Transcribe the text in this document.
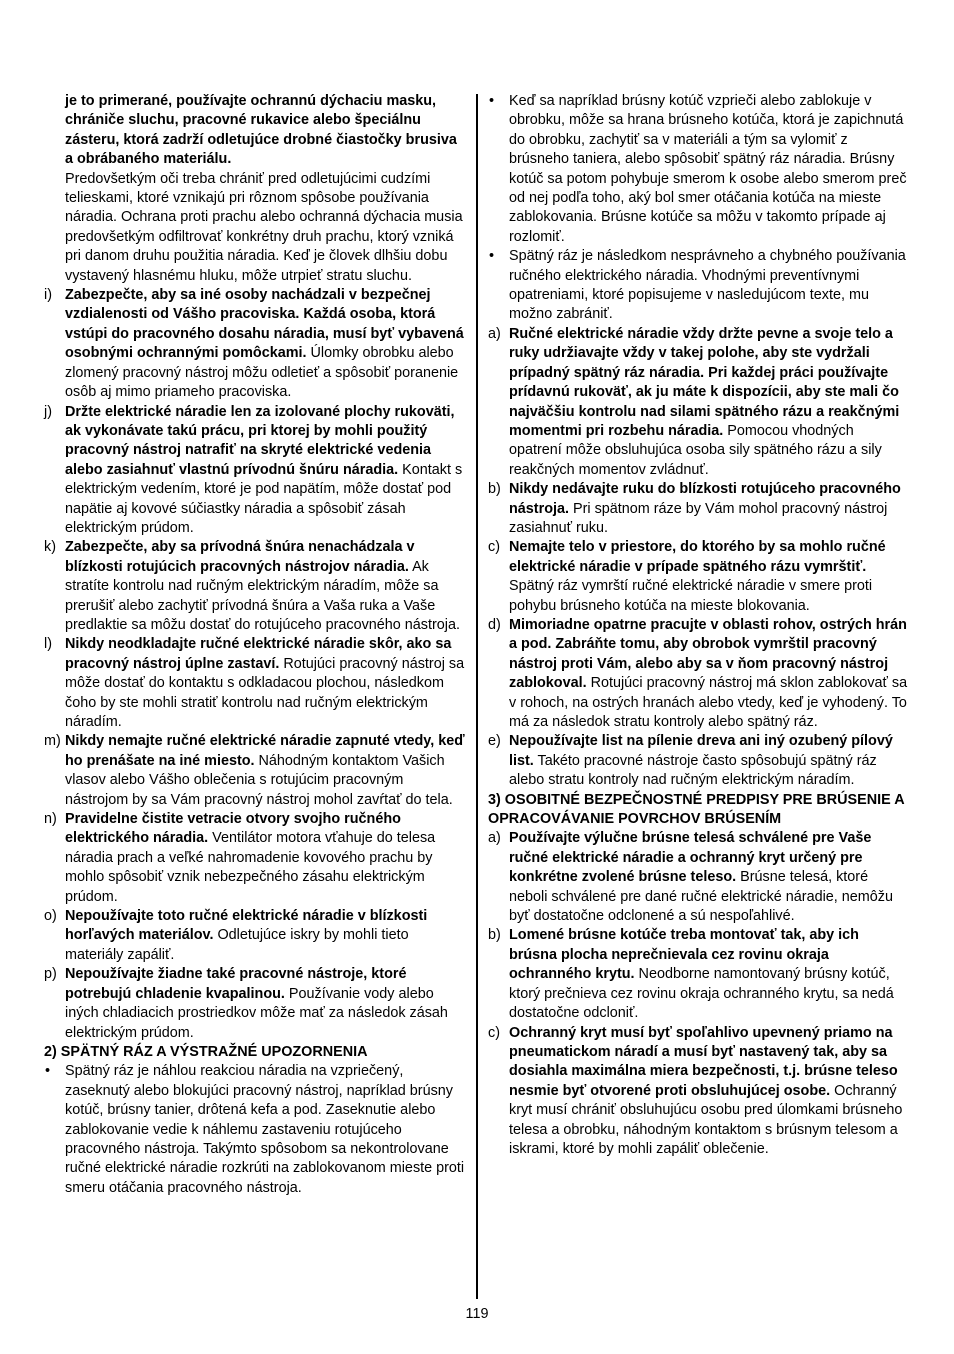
je to primerané, používajte ochrannú dýchaciu masku, chrániče sluchu, pracovné rukavice alebo špeciálnu zásteru, ktorá zadrží odletujúce drobné čiastočky brusiva a obrábaného materiálu.
Predovšetkým oči treba chrániť pred odletujúcimi cudzími telieskami, ktoré vznikajú pri rôznom spôsobe používania náradia. Ochrana proti prachu alebo ochranná dýchacia musia predovšetkým odfiltrovať konkrétny druh prachu, ktorý vzniká pri danom druhu použitia náradia. Keď je človek dlhšiu dobu vystavený hlasnému hluku, môže utrpieť stratu sluchu.

i) Zabezpečte, aby sa iné osoby nachádzali v bezpečnej vzdialenosti od Vášho pracoviska. Každá osoba, ktorá vstúpi do pracovného dosahu náradia, musí byť vybavená osobnými ochrannými pomôckami. Úlomky obrobku alebo zlomený pracovný nástroj môžu odletieť a spôsobiť poranenie osôb aj mimo priameho pracoviska.
j) Držte elektrické náradie len za izolované plochy rukoväti, ak vykonávate takú prácu, pri ktorej by mohli použitý pracovný nástroj natrafiť na skryté elektrické vedenia alebo zasiahnuť vlastnú prívodnú šnúru náradia. Kontakt s elektrickým vedením, ktoré je pod napätím, môže dostať pod napätie aj kovové súčiastky náradia a spôsobiť zásah elektrickým prúdom.
k) Zabezpečte, aby sa prívodná šnúra nenachádzala v blízkosti rotujúcich pracovných nástrojov náradia. Ak stratíte kontrolu nad ručným elektrickým náradím, môže sa prerušiť alebo zachytiť prívodná šnúra a Vaša ruka a Vaše predlaktie sa môžu dostať do rotujúceho pracovného nástroja.
l) Nikdy neodkladajte ručné elektrické náradie skôr, ako sa pracovný nástroj úplne zastaví. Rotujúci pracovný nástroj sa môže dostať do kontaktu s odkladacou plochou, následkom čoho by ste mohli stratiť kontrolu nad ručným elektrickým náradím.
m) Nikdy nemajte ručné elektrické náradie zapnuté vtedy, keď ho prenášate na iné miesto. Náhodným kontaktom Vašich vlasov alebo Vášho oblečenia s rotujúcim pracovným nástrojom by sa Vám pracovný nástroj mohol zavŕtať do tela.
n) Pravidelne čistite vetracie otvory svojho ručného elektrického náradia. Ventilátor motora vťahuje do telesa náradia prach a veľké nahromadenie kovového prachu by mohlo spôsobiť vznik nebezpečného zásahu elektrickým prúdom.
o) Nepoužívajte toto ručné elektrické náradie v blízkosti horľavých materiálov. Odletujúce iskry by mohli tieto materiály zapáliť.
p) Nepoužívajte žiadne také pracovné nástroje, ktoré potrebujú chladenie kvapalinou. Používanie vody alebo iných chladiacich prostriedkov môže mať za následok zásah elektrickým prúdom.

2) SPÄTNÝ RÁZ A VÝSTRAŽNÉ UPOZORNENIA

• Spätný ráz je náhlou reakciou náradia na vzpriečený, zaseknutý alebo blokujúci pracovný nástroj, napríklad brúsny kotúč, brúsny tanier, drôtená kefa a pod. Zaseknutie alebo zablokovanie vedie k náhlemu zastaveniu rotujúceho pracovného nástroja. Takýmto spôsobom sa nekontrolovane ručné elektrické náradie rozkrúti na zablokovanom mieste proti smeru otáčania pracovného nástroja.
• Keď sa napríklad brúsny kotúč vzprieči alebo zablokuje v obrobku, môže sa hrana brúsneho kotúča, ktorá je zapichnutá do obrobku, zachytiť sa v materiáli a tým sa vylomiť z brúsneho taniera, alebo spôsobiť spätný ráz náradia. Brúsny kotúč sa potom pohybuje smerom k osobe alebo smerom preč od nej podľa toho, aký bol smer otáčania kotúča na mieste zablokovania. Brúsne kotúče sa môžu v takomto prípade aj rozlomiť.
• Spätný ráz je následkom nesprávneho a chybného používania ručného elektrického náradia. Vhodnými preventívnymi opatreniami, ktoré popisujeme v nasledujúcom texte, mu možno zabrániť.
a) Ručné elektrické náradie vždy držte pevne a svoje telo a ruky udržiavajte vždy v takej polohe, aby ste vydržali prípadný spätný ráz náradia. Pri každej práci používajte prídavnú rukoväť, ak ju máte k dispozícii, aby ste mali čo najväčšiu kontrolu nad silami spätného rázu a reakčnými momentmi pri rozbehu náradia. Pomocou vhodných opatrení môže obsluhujúca osoba sily spätného rázu a sily reakčných momentov zvládnuť.
b) Nikdy nedávajte ruku do blízkosti rotujúceho pracovného nástroja. Pri spätnom ráze by Vám mohol pracovný nástroj zasiahnuť ruku.
c) Nemajte telo v priestore, do ktorého by sa mohlo ručné elektrické náradie v prípade spätného rázu vymrštiť. Spätný ráz vymrští ručné elektrické náradie v smere proti pohybu brúsneho kotúča na mieste blokovania.
d) Mimoriadne opatrne pracujte v oblasti rohov, ostrých hrán a pod. Zabráňte tomu, aby obrobok vymrštil pracovný nástroj proti Vám, alebo aby sa v ňom pracovný nástroj zablokoval. Rotujúci pracovný nástroj má sklon zablokovať sa v rohoch, na ostrých hranách alebo vtedy, keď je vyhodený. To má za následok stratu kontroly alebo spätný ráz.
e) Nepoužívajte list na pílenie dreva ani iný ozubený pílový list. Takéto pracovné nástroje často spôsobujú spätný ráz alebo stratu kontroly nad ručným elektrickým náradím.

3) OSOBITNÉ BEZPEČNOSTNÉ PREDPISY PRE BRÚSENIE A OPRACOVÁVANIE POVRCHOV BRÚSENÍM

a) Používajte výlučne brúsne telesá schválené pre Vaše ručné elektrické náradie a ochranný kryt určený pre konkrétne zvolené brúsne teleso. Brúsne telesá, ktoré neboli schválené pre dané ručné elektrické náradie, nemôžu byť dostatočne odclonené a sú nespoľahlivé.
b) Lomené brúsne kotúče treba montovať tak, aby ich brúsna plocha neprečnievala cez rovinu okraja ochranného krytu. Neodborne namontovaný brúsny kotúč, ktorý prečnieva cez rovinu okraja ochranného krytu, sa nedá dostatočne odcloniť.
c) Ochranný kryt musí byť spoľahlivo upevnený priamo na pneumatickom náradí a musí byť nastavený tak, aby sa dosiahla maximálna miera bezpečnosti, t.j. brúsne teleso nesmie byť otvorené proti obsluhujúcej osobe. Ochranný kryt musí chrániť obsluhujúcu osobu pred úlomkami brúsneho telesa a obrobku, náhodným kontaktom s brúsnym telesom a iskrami, ktoré by mohli zapáliť oblečenie.
119
